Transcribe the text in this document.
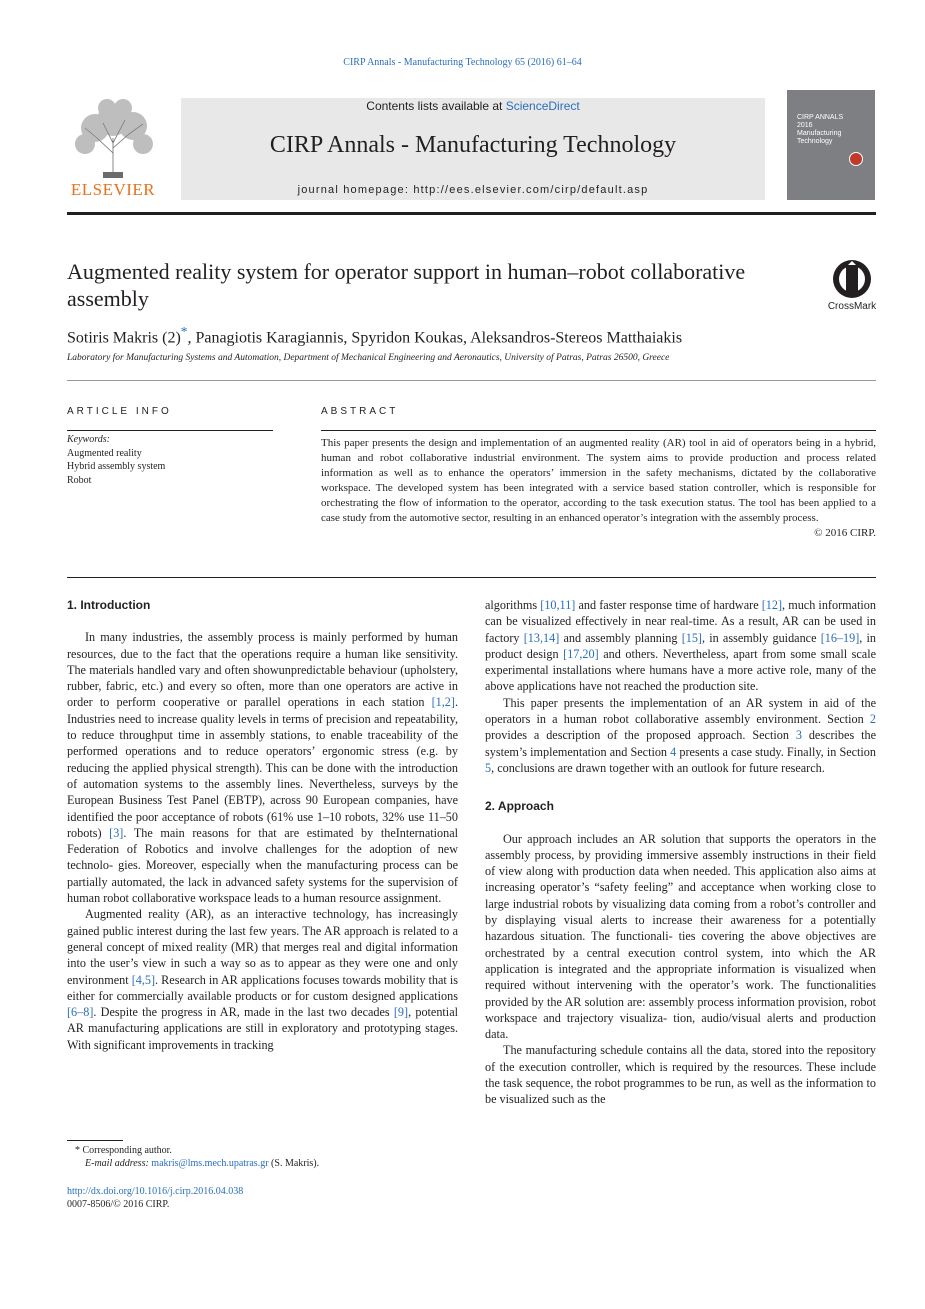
CIRP Annals - Manufacturing Technology 65 (2016) 61–64
ELSEVIER
Contents lists available at ScienceDirect
CIRP Annals - Manufacturing Technology
journal homepage: http://ees.elsevier.com/cirp/default.asp
CIRP ANNALS 2016 Manufacturing Technology
Augmented reality system for operator support in human–robot collaborative assembly	CrossMark
Sotiris Makris (2)*, Panagiotis Karagiannis, Spyridon Koukas, Aleksandros-Stereos Matthaiakis
Laboratory for Manufacturing Systems and Automation, Department of Mechanical Engineering and Aeronautics, University of Patras, Patras 26500, Greece
ARTICLE INFO	ABSTRACT
Keywords:
Augmented reality
Hybrid assembly system
Robot
This paper presents the design and implementation of an augmented reality (AR) tool in aid of operators being in a hybrid, human and robot collaborative industrial environment. The system aims to provide production and process related information as well as to enhance the operators’ immersion in the safety mechanisms, dictated by the collaborative workspace. The developed system has been integrated with a service based station controller, which is responsible for orchestrating the flow of information to the operator, according to the task execution status. The tool has been applied to a case study from the automotive sector, resulting in an enhanced operator’s integration with the assembly process.
© 2016 CIRP.
1. Introduction

In many industries, the assembly process is mainly performed by human resources, due to the fact that the operations require a human like sensitivity. The materials handled vary and often showunpredictable behaviour (upholstery, rubber, fabric, etc.) and every so often, more than one operators are active in order to perform cooperative or parallel operations in each station [1,2]. Industries need to increase quality levels in terms of precision and repeatability, to reduce throughput time in assembly stations, to enable traceability of the performed operations and to reduce operators’ ergonomic stress (e.g. by reducing the applied physical strength). This can be done with the introduction of automation systems to the assembly lines. Nevertheless, surveys by the European Business Test Panel (EBTP), across 90 European companies, have identified the poor acceptance of robots (61% use 1–10 robots, 32% use 11–50 robots) [3]. The main reasons for that are estimated by theInternational Federation of Robotics and involve challenges for the adoption of new technolo- gies. Moreover, especially when the manufacturing process can be partially automated, the lack in advanced safety systems for the supervision of human robot collaborative workspace leads to a human resource assignment.

Augmented reality (AR), as an interactive technology, has increasingly gained public interest during the last few years. The AR approach is related to a general concept of mixed reality (MR) that merges real and digital information into the user’s view in such a way so as to appear as they were one and only environment [4,5]. Research in AR applications focuses towards mobility that is either for commercially available products or for custom designed applications [6–8]. Despite the progress in AR, made in the last two decades [9], potential AR manufacturing applications are still in exploratory and prototyping stages. With significant improvements in tracking

algorithms [10,11] and faster response time of hardware [12], much information can be visualized effectively in near real-time. As a result, AR can be used in factory [13,14] and assembly planning [15], in assembly guidance [16–19], in product design [17,20] and others. Nevertheless, apart from some small scale experimental installations where humans have a more active role, many of the above applications have not reached the production site.

This paper presents the implementation of an AR system in aid of the operators in a human robot collaborative assembly environment. Section 2 provides a description of the proposed approach. Section 3 describes the system’s implementation and Section 4 presents a case study. Finally, in Section 5, conclusions are drawn together with an outlook for future research.

2. Approach

Our approach includes an AR solution that supports the operators in the assembly process, by providing immersive assembly instructions in their field of view along with production data when needed. This application also aims at increasing operator’s “safety feeling” and acceptance when working close to large industrial robots by visualizing data coming from a robot’s controller and by displaying visual alerts to increase their awareness for a potentially hazardous situation. The functionali- ties covering the above objectives are orchestrated by a central execution control system, into which the AR application is integrated and the appropriate information is visualized when required without intervening with the operator’s work. The functionalities provided by the AR solution are: assembly process information provision, robot workspace and trajectory visualiza- tion, audio/visual alerts and production data.

The manufacturing schedule contains all the data, stored into the repository of the execution controller, which is required by the resources. These include the task sequence, the robot programmes to be run, as well as the information to be visualized such as the

* Corresponding author.
E-mail address: makris@lms.mech.upatras.gr (S. Makris).
http://dx.doi.org/10.1016/j.cirp.2016.04.038
0007-8506/© 2016 CIRP.
